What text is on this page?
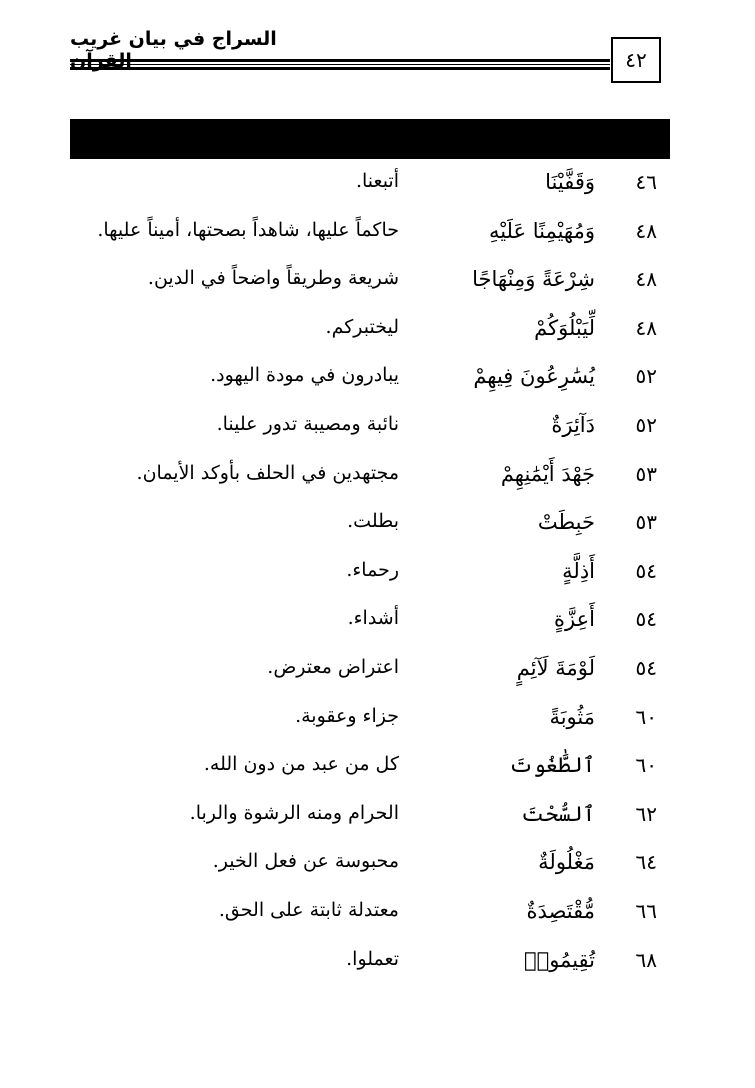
السراج في بيان غريب
٤٢
٤٦
وَقَفَّيْنَا
أتبعنا.
٤٨
وَمُهَيْمِنًا عَلَيْهِ
حاكماً عليها، شاهداً بصحتها، أميناً عليها.
٤٨
شِرْعَةً وَمِنْهَاجًا
شريعة وطريقاً واضحاً في الدين.
٤٨
لِّيَبْلُوَكُمْ
ليختبركم.
٥٢
يُسَٰرِعُونَ فِيهِمْ
يبادرون في مودة اليهود.
٥٢
دَآئِرَةٌ
نائبة ومصيبة تدور علينا.
٥٣
جَهْدَ أَيْمَٰنِهِمْ
مجتهدين في الحلف بأوكد الأيمان.
٥٣
حَبِطَتْ
بطلت.
٥٤
أَذِلَّةٍ
رحماء.
٥٤
أَعِزَّةٍ
أشداء.
٥٤
لَوْمَةَ لَآئِمٍ
اعتراض معترض.
٦٠
مَثُوبَةً
جزاء وعقوبة.
٦٠
ٱلطَّٰغُوتَ
كل من عبد من دون الله.
٦٢
ٱلسُّحْتَ
الحرام ومنه الرشوة والربا.
٦٤
مَغْلُولَةٌ
محبوسة عن فعل الخير.
٦٦
مُّقْتَصِدَةٌ
معتدلة ثابتة على الحق.
٦٨
تُقِيمُوا۟
تعملوا.
